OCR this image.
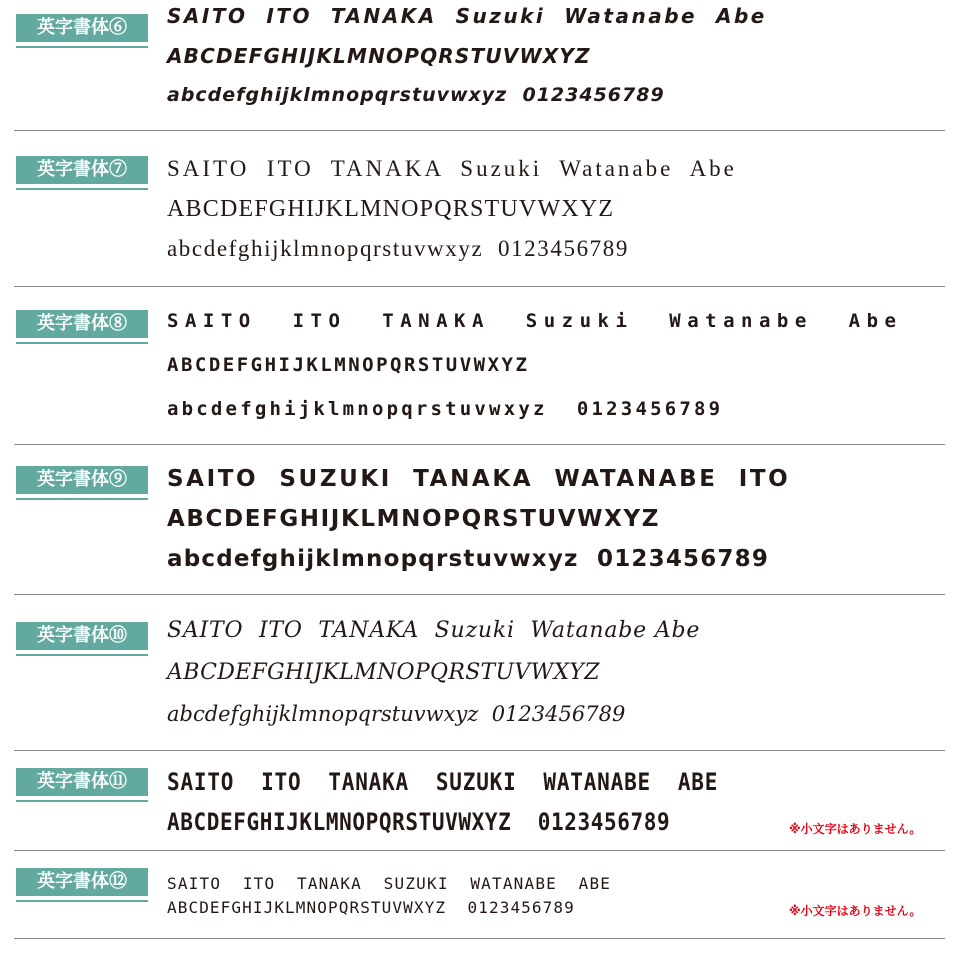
英字書体⑥	SAITO  ITO  TANAKA  Suzuki  Watanabe  Abe
ABCDEFGHIJKLMNOPQRSTUVWXYZ
abcdefghijklmnopqrstuvwxyz  0123456789
英字書体⑦	SAITO  ITO  TANAKA  Suzuki  Watanabe  Abe
ABCDEFGHIJKLMNOPQRSTUVWXYZ
abcdefghijklmnopqrstuvwxyz  0123456789
英字書体⑧	SAITO  ITO  TANAKA  Suzuki  Watanabe  Abe
ABCDEFGHIJKLMNOPQRSTUVWXYZ
abcdefghijklmnopqrstuvwxyz  0123456789
英字書体⑨	SAITO  SUZUKI  TANAKA  WATANABE  ITO
ABCDEFGHIJKLMNOPQRSTUVWXYZ
abcdefghijklmnopqrstuvwxyz  0123456789
英字書体⑩	SAITO  ITO  TANAKA  Suzuki  Watanabe Abe
ABCDEFGHIJKLMNOPQRSTUVWXYZ
abcdefghijklmnopqrstuvwxyz  0123456789
英字書体⑪	SAITO  ITO  TANAKA  SUZUKI  WATANABE  ABE
ABCDEFGHIJKLMNOPQRSTUVWXYZ  0123456789	※小文字はありません。
英字書体⑫	SAITO  ITO  TANAKA  SUZUKI  WATANABE  ABE
ABCDEFGHIJKLMNOPQRSTUVWXYZ  0123456789	※小文字はありません。
